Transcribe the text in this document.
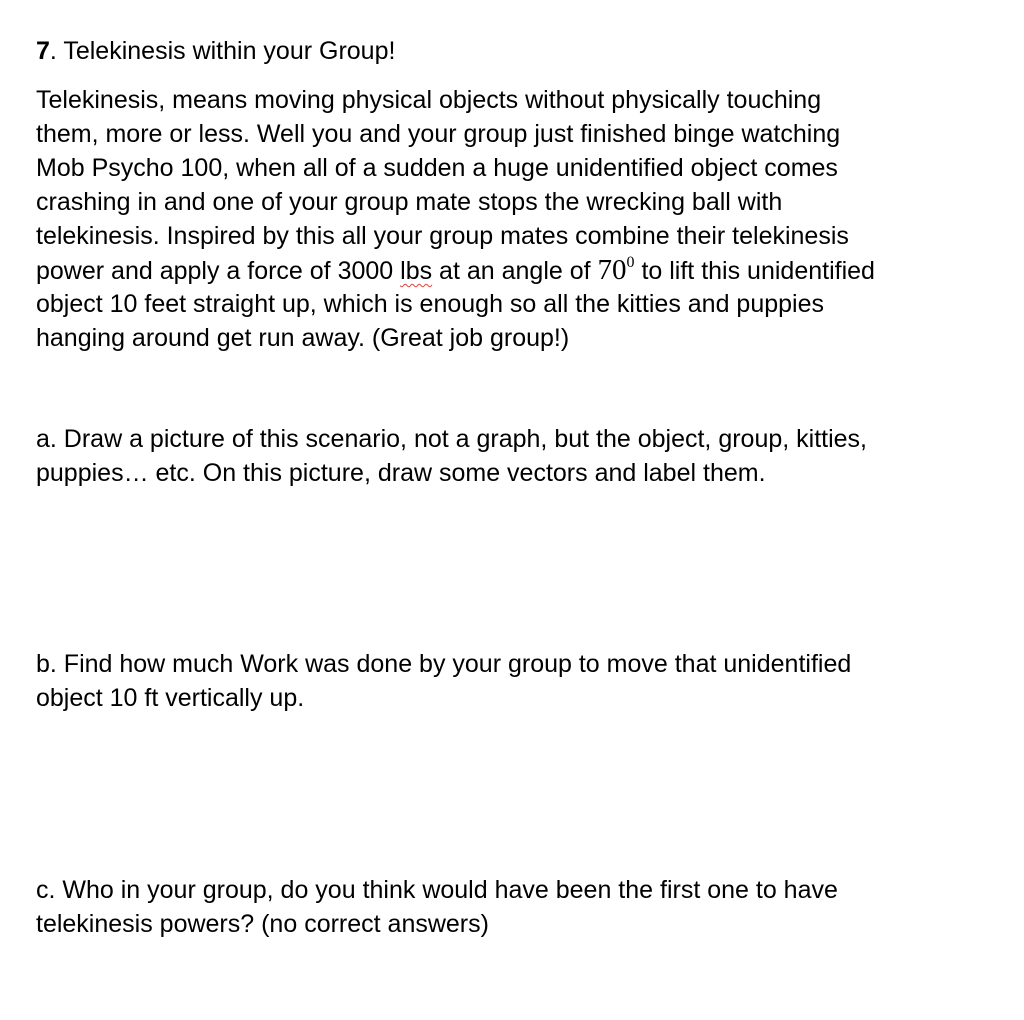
7. Telekinesis within your Group!
Telekinesis, means moving physical objects without physically touching
them, more or less. Well you and your group just finished binge watching
Mob Psycho 100, when all of a sudden a huge unidentified object comes
crashing in and one of your group mate stops the wrecking ball with
telekinesis. Inspired by this all your group mates combine their telekinesis
power and apply a force of 3000 lbs at an angle of $70^0$ to lift this unidentified
object 10 feet straight up, which is enough so all the kitties and puppies
hanging around get run away. (Great job group!)
a. Draw a picture of this scenario, not a graph, but the object, group, kitties,
puppies… etc. On this picture, draw some vectors and label them.
b. Find how much Work was done by your group to move that unidentified
object 10 ft vertically up.
c. Who in your group, do you think would have been the first one to have
telekinesis powers? (no correct answers)
